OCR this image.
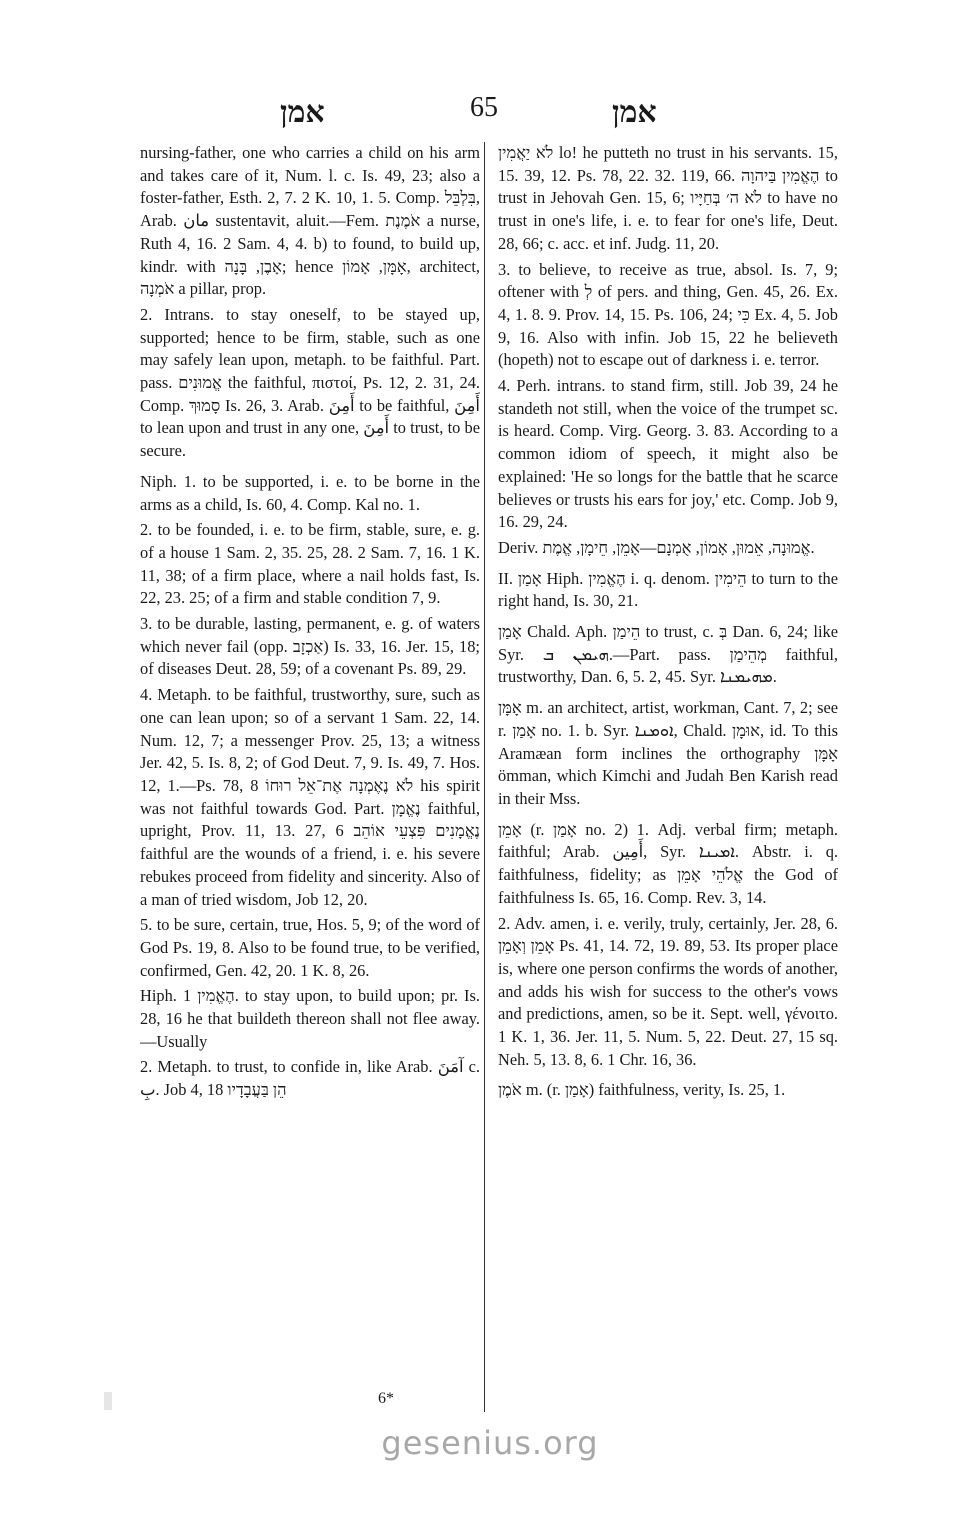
אמן	65	אמן

nursing-father, one who carries a child on his arm and takes care of it, Num. l. c. Is. 49, 23; also a foster-father, Esth. 2, 7. 2 K. 10, 1. 5. Comp. בִּלְבֵּל, Arab. مان sustentavit, aluit.—Fem. אֹמֶנֶת a nurse, Ruth 4, 16. 2 Sam. 4, 4. b) to found, to build up, kindr. with אָבֶן, בָּנָה; hence אָמָּן, אָמוֹן, architect, אֹמְנָה a pillar, prop.

2. Intrans. to stay oneself, to be stayed up, supported; hence to be firm, stable, such as one may safely lean upon, metaph. to be faithful. Part. pass. אֱמוּנִים the faithful, πιστοί, Ps. 12, 2. 31, 24. Comp. סָמוּךְ Is. 26, 3. Arab. أَمِنَ to be faithful, أَمِنَ to lean upon and trust in any one, أَمِنَ to trust, to be secure.

Niph. 1. to be supported, i. e. to be borne in the arms as a child, Is. 60, 4. Comp. Kal no. 1.

2. to be founded, i. e. to be firm, stable, sure, e. g. of a house 1 Sam. 2, 35. 25, 28. 2 Sam. 7, 16. 1 K. 11, 38; of a firm place, where a nail holds fast, Is. 22, 23. 25; of a firm and stable condition 7, 9.

3. to be durable, lasting, permanent, e. g. of waters which never fail (opp. אַכְזָב) Is. 33, 16. Jer. 15, 18; of diseases Deut. 28, 59; of a covenant Ps. 89, 29.

4. Metaph. to be faithful, trustworthy, sure, such as one can lean upon; so of a servant 1 Sam. 22, 14. Num. 12, 7; a messenger Prov. 25, 13; a witness Jer. 42, 5. Is. 8, 2; of God Deut. 7, 9. Is. 49, 7. Hos. 12, 1.—Ps. 78, 8 לֹא נֶאֶמְנָה אֶת־אֵל רוּחוֹ his spirit was not faithful towards God. Part. נֶאֱמָן faithful, upright, Prov. 11, 13. 27, 6 נֶאֱמָנִים פִּצְעֵי אוֹהֵב faithful are the wounds of a friend, i. e. his severe rebukes proceed from fidelity and sincerity. Also of a man of tried wisdom, Job 12, 20.

5. to be sure, certain, true, Hos. 5, 9; of the word of God Ps. 19, 8. Also to be found true, to be verified, confirmed, Gen. 42, 20. 1 K. 8, 26.

Hiph. הֶאֱמִין 1. to stay upon, to build upon; pr. Is. 28, 16 he that buildeth thereon shall not flee away.—Usually

2. Metaph. to trust, to confide in, like Arab. آمَنَ c. بِ. Job 4, 18 הֵן בַּעֲבָדָיו

לֹא יַאֲמִין lo! he putteth no trust in his servants. 15, 15. 39, 12. Ps. 78, 22. 32. 119, 66. הֶאֱמִין בַּיהוָה to trust in Jehovah Gen. 15, 6; לֹא ה׳ בְּחַיָּיו to have no trust in one's life, i. e. to fear for one's life, Deut. 28, 66; c. acc. et inf. Judg. 11, 20.

3. to believe, to receive as true, absol. Is. 7, 9; oftener with לְ of pers. and thing, Gen. 45, 26. Ex. 4, 1. 8. 9. Prov. 14, 15. Ps. 106, 24; כִּי Ex. 4, 5. Job 9, 16. Also with infin. Job 15, 22 he believeth (hopeth) not to escape out of darkness i. e. terror.

4. Perh. intrans. to stand firm, still. Job 39, 24 he standeth not still, when the voice of the trumpet sc. is heard. Comp. Virg. Georg. 3. 83. According to a common idiom of speech, it might also be explained: 'He so longs for the battle that he scarce believes or trusts his ears for joy,' etc. Comp. Job 9, 16. 29, 24.

Deriv. אֱמוּנָה, אֵמוּן, אָמוֹן, אֻמְנָם—אָמֵן, חֵימָן, אֱמֶת.

II. אָמַן Hiph. הֶאֱמִין i. q. denom. הֵימִין to turn to the right hand, Is. 30, 21.

אָמַן Chald. Aph. הֵימַן to trust, c. בְּ Dan. 6, 24; like Syr. ܗܝܡܢ ܒ.—Part. pass. מְהֵימַן faithful, trustworthy, Dan. 6, 5. 2, 45. Syr. ܡܗܝܡܢܐ.

אָמָּן m. an architect, artist, workman, Cant. 7, 2; see r. אָמַן no. 1. b. Syr. ܐܘܡܢܐ, Chald. אוּמָן, id. To this Aramæan form inclines the orthography אָמָּן ömman, which Kimchi and Judah Ben Karish read in their Mss.

אָמֵן (r. אָמַן no. 2) 1. Adj. verbal firm; metaph. faithful; Arab. أَمِين, Syr. ܐܡܝܢܐ. Abstr. i. q. faithfulness, fidelity; as אֱלֹהֵי אָמֵן the God of faithfulness Is. 65, 16. Comp. Rev. 3, 14.

2. Adv. amen, i. e. verily, truly, certainly, Jer. 28, 6. אָמֵן וְאָמֵן Ps. 41, 14. 72, 19. 89, 53. Its proper place is, where one person confirms the words of another, and adds his wish for success to the other's vows and predictions, amen, so be it. Sept. well, γένοιτο. 1 K. 1, 36. Jer. 11, 5. Num. 5, 22. Deut. 27, 15 sq. Neh. 5, 13. 8, 6. 1 Chr. 16, 36.

אֹמֶן m. (r. אָמַן) faithfulness, verity, Is. 25, 1.

6*
gesenius.org
